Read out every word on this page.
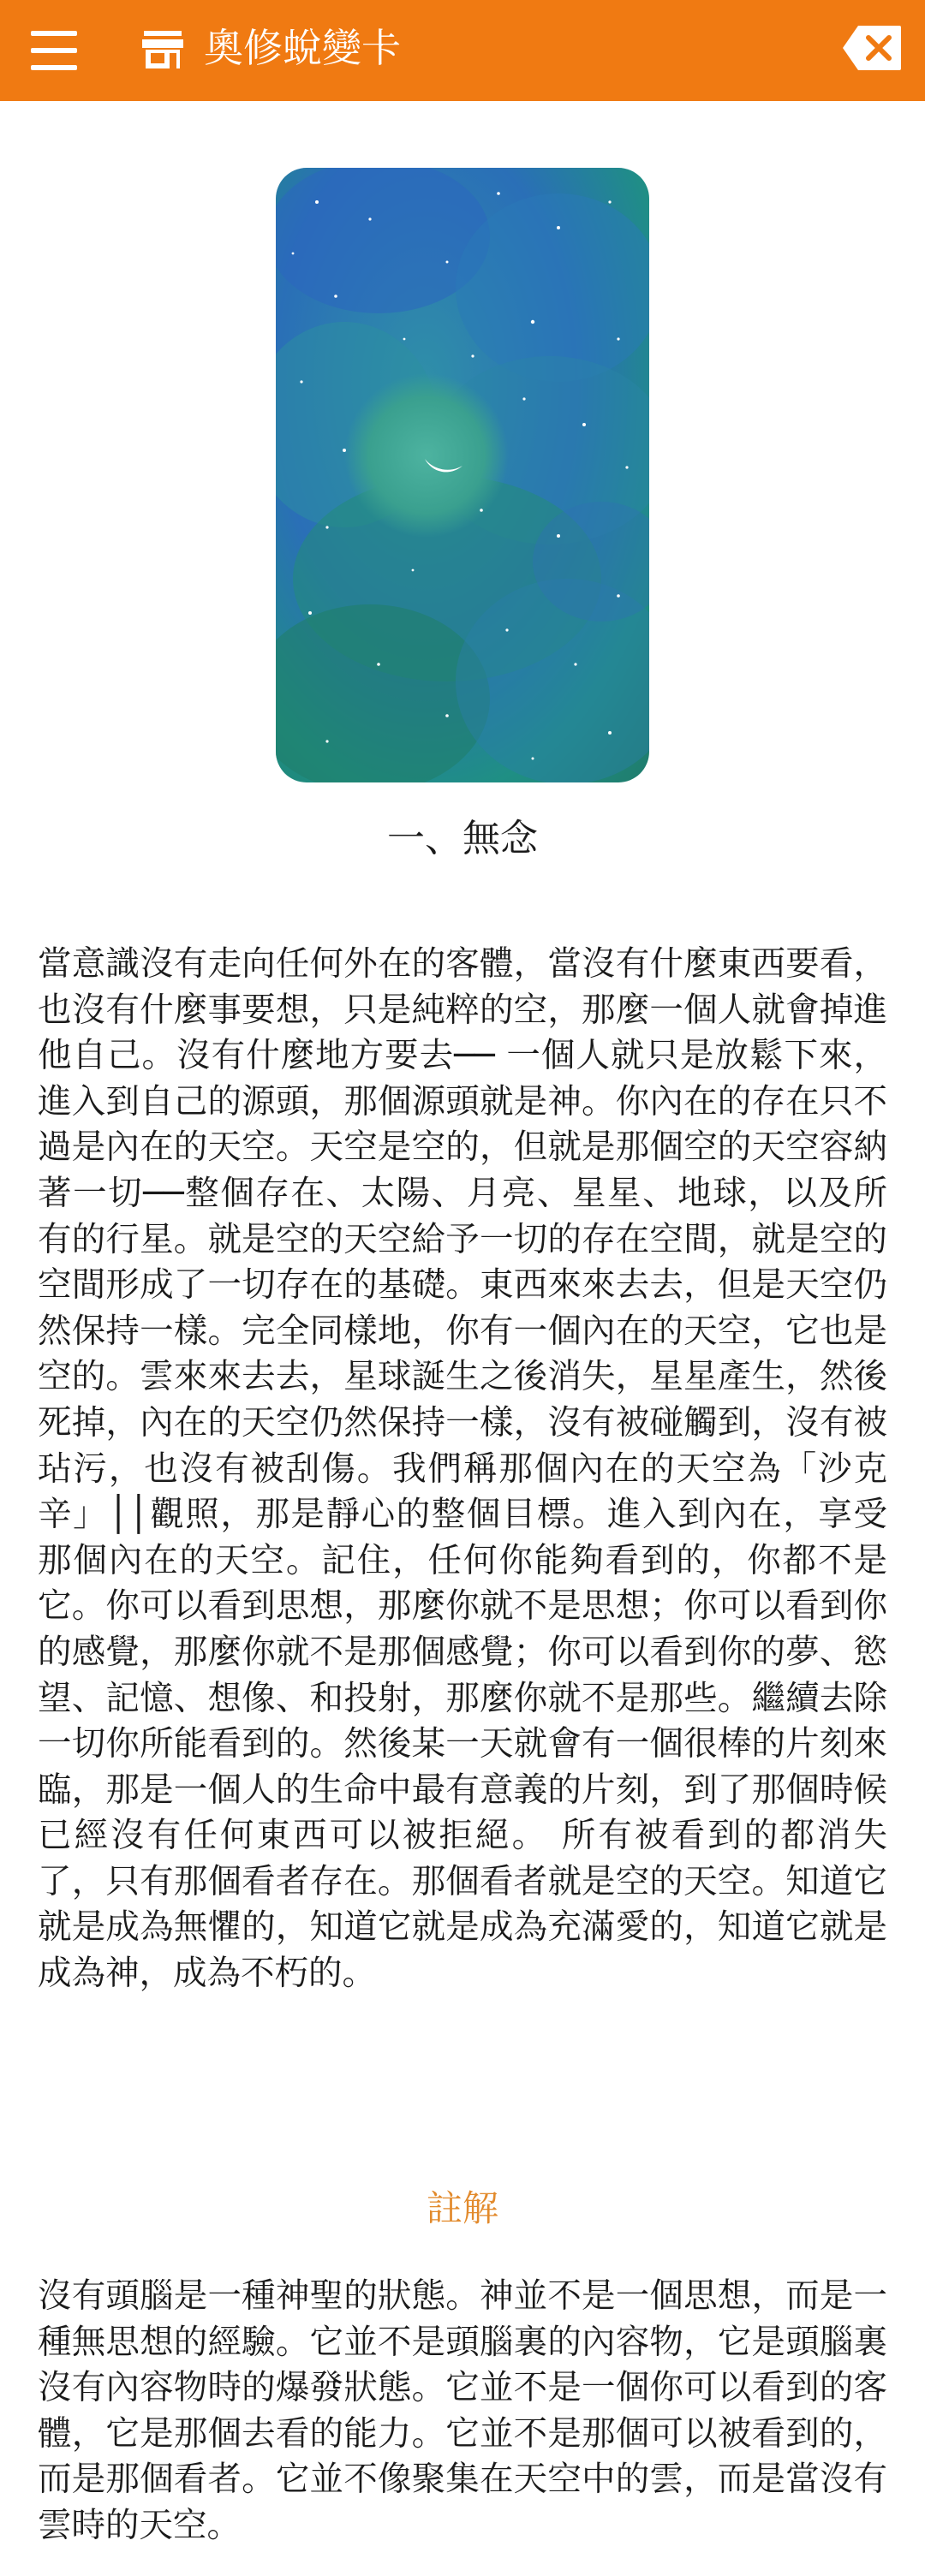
奧修蛻變卡
一、無念

當意識沒有走向任何外在的客體，當沒有什麼東西要看，也沒有什麼事要想，只是純粹的空，那麼一個人就會掉進他自己。沒有什麼地方要去── 一個人就只是放鬆下來，進入到自己的源頭，那個源頭就是神。你內在的存在只不過是內在的天空。天空是空的，但就是那個空的天空容納著一切──整個存在、太陽、月亮、星星、地球，以及所有的行星。就是空的天空給予一切的存在空間，就是空的空間形成了一切存在的基礎。東西來來去去，但是天空仍然保持一樣。完全同樣地，你有一個內在的天空，它也是空的。雲來來去去，星球誕生之後消失，星星產生，然後死掉，內在的天空仍然保持一樣，沒有被碰觸到，沒有被玷污，也沒有被刮傷。我們稱那個內在的天空為「沙克辛」││觀照，那是靜心的整個目標。進入到內在，享受那個內在的天空。記住，任何你能夠看到的，你都不是它。你可以看到思想，那麼你就不是思想；你可以看到你的感覺，那麼你就不是那個感覺；你可以看到你的夢、慾望、記憶、想像、和投射，那麼你就不是那些。繼續去除一切你所能看到的。然後某一天就會有一個很棒的片刻來臨，那是一個人的生命中最有意義的片刻，到了那個時候已經沒有任何東西可以被拒絕。 所有被看到的都消失了，只有那個看者存在。那個看者就是空的天空。知道它就是成為無懼的，知道它就是成為充滿愛的，知道它就是成為神，成為不朽的。

註解

沒有頭腦是一種神聖的狀態。神並不是一個思想，而是一種無思想的經驗。它並不是頭腦裏的內容物，它是頭腦裏沒有內容物時的爆發狀態。它並不是一個你可以看到的客體，它是那個去看的能力。它並不是那個可以被看到的，而是那個看者。它並不像聚集在天空中的雲，而是當沒有雲時的天空。
